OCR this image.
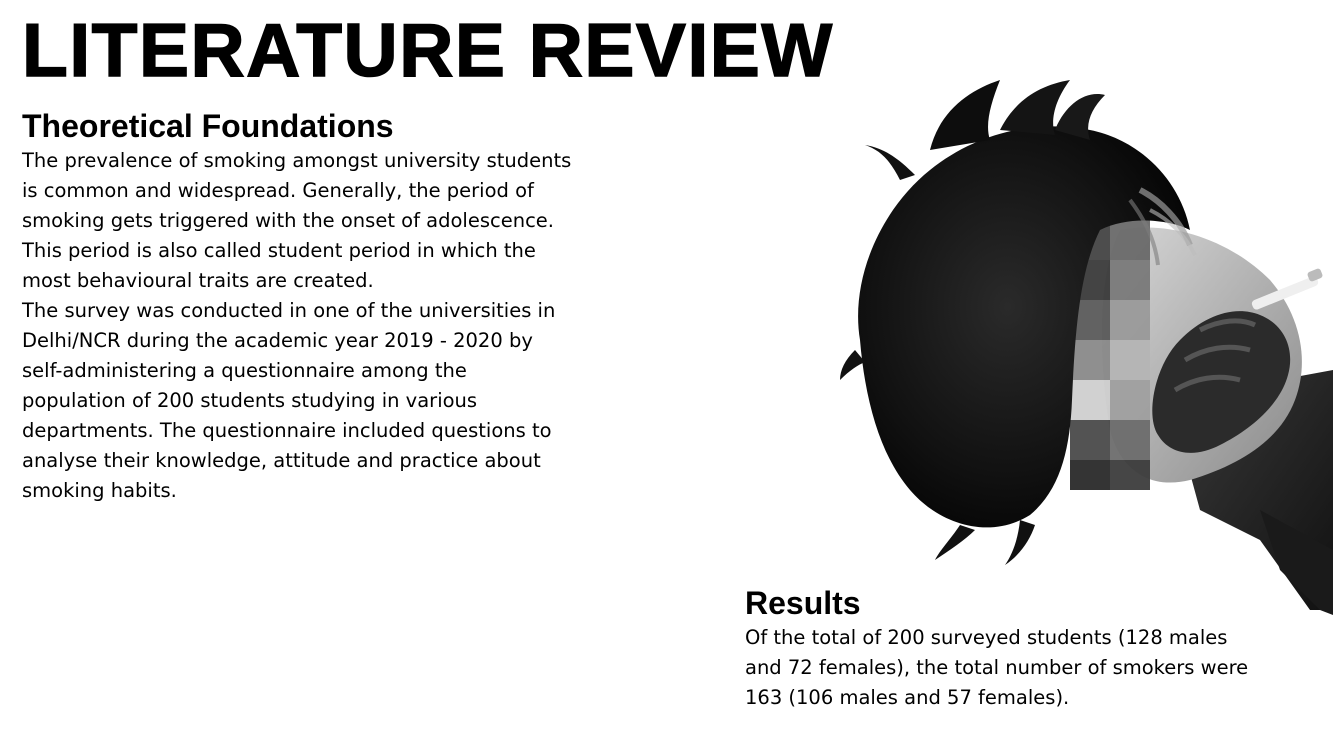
LITERATURE REVIEW
Theoretical Foundations
The prevalence of smoking amongst university students
is common and widespread. Generally, the period of
smoking gets triggered with the onset of adolescence.
This period is also called student period in which the
most behavioural traits are created.
The survey was conducted in one of the universities in
Delhi/NCR during the academic year 2019 - 2020 by
self-administering a questionnaire among the
population of 200 students studying in various
departments. The questionnaire included questions to
analyse their knowledge, attitude and practice about
smoking habits.
Results
Of the total of 200 surveyed students (128 males
and 72 females), the total number of smokers were
163 (106 males and 57 females).
